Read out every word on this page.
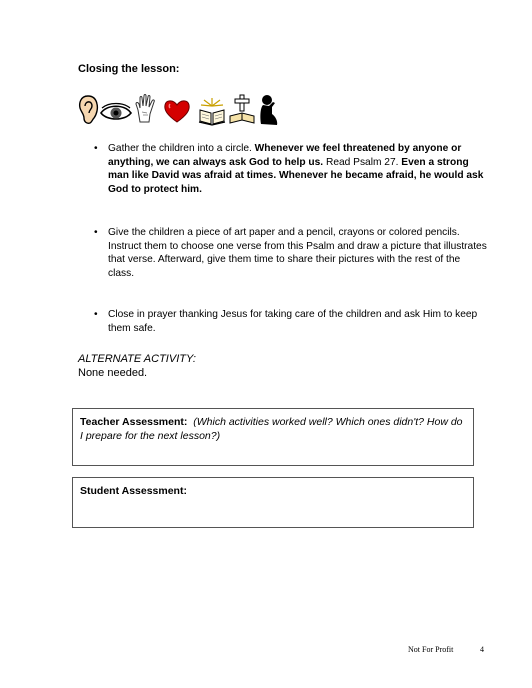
Closing the lesson:
•	Gather the children into a circle. Whenever we feel threatened by anyone or anything, we can always ask God to help us. Read Psalm 27. Even a strong man like David was afraid at times. Whenever he became afraid, he would ask God to protect him.
•	Give the children a piece of art paper and a pencil, crayons or colored pencils. Instruct them to choose one verse from this Psalm and draw a picture that illustrates that verse. Afterward, give them time to share their pictures with the rest of the class.
•	Close in prayer thanking Jesus for taking care of the children and ask Him to keep them safe.
ALTERNATE ACTIVITY:
None needed.
Teacher Assessment: (Which activities worked well? Which ones didn't? How do I prepare for the next lesson?)
Student Assessment:
Not For Profit	4
